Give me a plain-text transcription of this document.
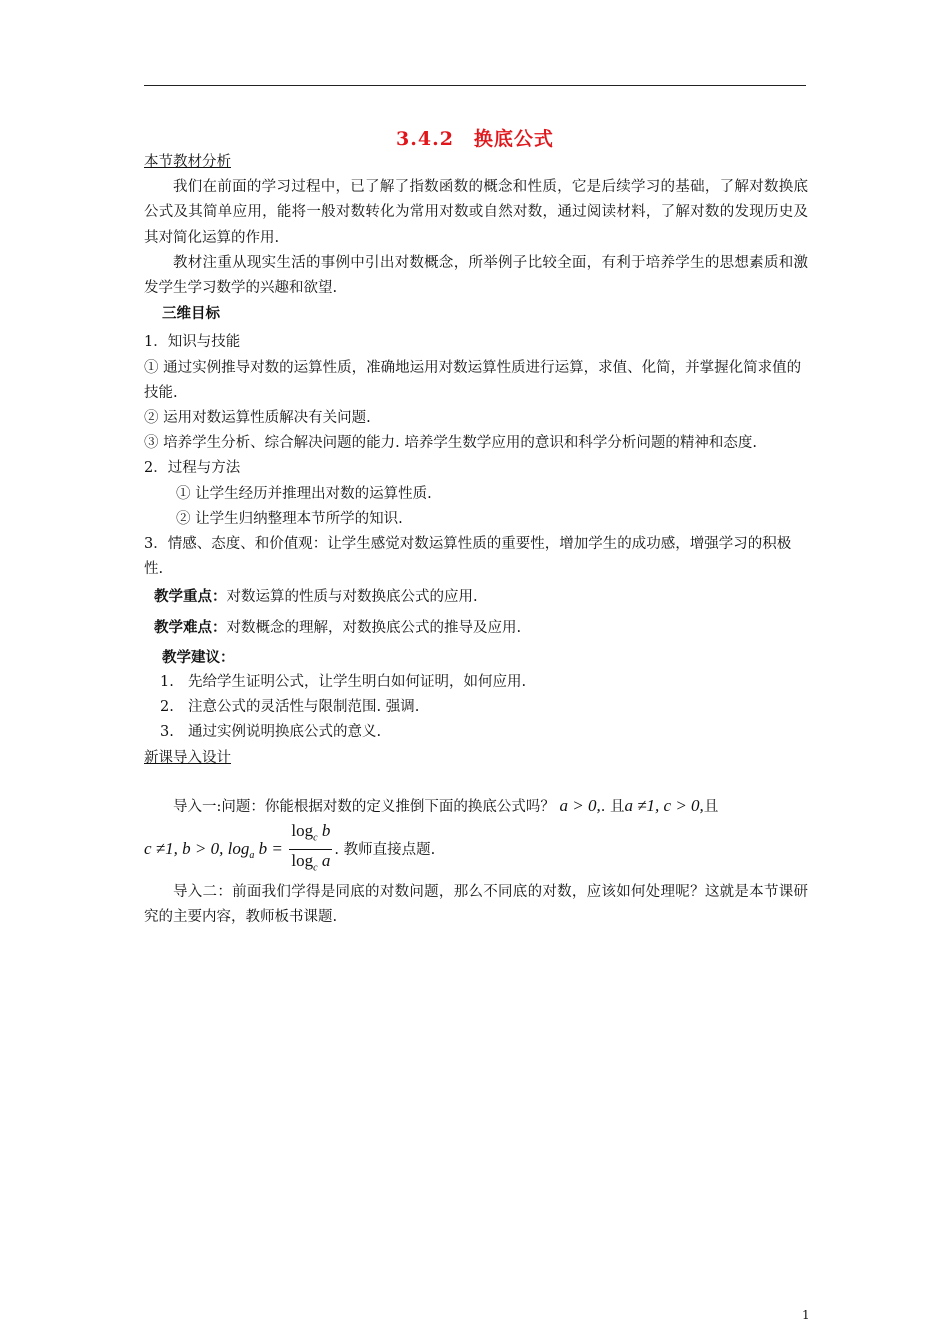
3.4.2　换底公式
本节教材分析
我们在前面的学习过程中，已了解了指数函数的概念和性质，它是后续学习的基础，了解对数换底公式及其简单应用，能将一般对数转化为常用对数或自然对数，通过阅读材料，了解对数的发现历史及其对简化运算的作用.
教材注重从现实生活的事例中引出对数概念，所举例子比较全面，有利于培养学生的思想素质和激发学生学习数学的兴趣和欲望.
三维目标
1．知识与技能
① 通过实例推导对数的运算性质，准确地运用对数运算性质进行运算，求值、化简，并掌握化简求值的技能.
② 运用对数运算性质解决有关问题.
③ 培养学生分析、综合解决问题的能力. 培养学生数学应用的意识和科学分析问题的精神和态度.
2．过程与方法
① 让学生经历并推理出对数的运算性质.
② 让学生归纳整理本节所学的知识.
3．情感、态度、和价值观：让学生感觉对数运算性质的重要性，增加学生的成功感，增强学习的积极性.
教学重点：对数运算的性质与对数换底公式的应用.
教学难点：对数概念的理解，对数换底公式的推导及应用.
教学建议：
1. 先给学生证明公式，让学生明白如何证明，如何应用.
2. 注意公式的灵活性与限制范围. 强调.
3. 通过实例说明换底公式的意义.
新课导入设计
导入一:问题：你能根据对数的定义推倒下面的换底公式吗？ a > 0,. 且a ≠1, c > 0,且
c ≠1, b > 0, $\log_a b = \frac{\log_c b}{\log_c a}$ . 教师直接点题.
导入二：前面我们学得是同底的对数问题，那么不同底的对数，应该如何处理呢？这就是本节课研究的主要内容，教师板书课题.
1
